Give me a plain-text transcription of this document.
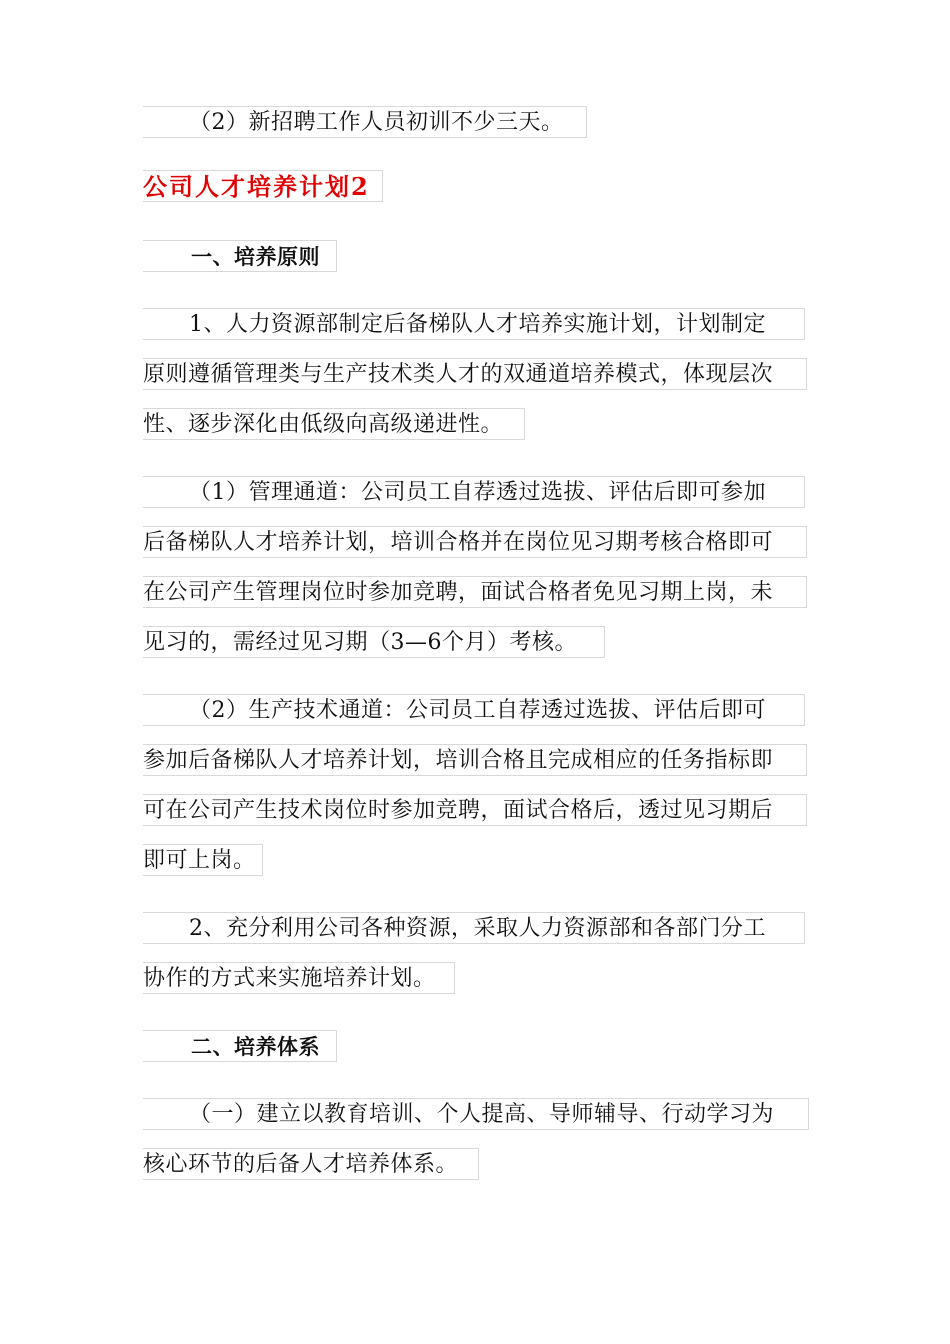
（2）新招聘工作人员初训不少三天。
公司人才培养计划2
一、培养原则
1、人力资源部制定后备梯队人才培养实施计划，计划制定
原则遵循管理类与生产技术类人才的双通道培养模式，体现层次
性、逐步深化由低级向高级递进性。
（1）管理通道：公司员工自荐透过选拔、评估后即可参加
后备梯队人才培养计划，培训合格并在岗位见习期考核合格即可
在公司产生管理岗位时参加竞聘，面试合格者免见习期上岗，未
见习的，需经过见习期（3—6个月）考核。
（2）生产技术通道：公司员工自荐透过选拔、评估后即可
参加后备梯队人才培养计划，培训合格且完成相应的任务指标即
可在公司产生技术岗位时参加竞聘，面试合格后，透过见习期后
即可上岗。
2、充分利用公司各种资源，采取人力资源部和各部门分工
协作的方式来实施培养计划。
二、培养体系
（一）建立以教育培训、个人提高、导师辅导、行动学习为
核心环节的后备人才培养体系。
